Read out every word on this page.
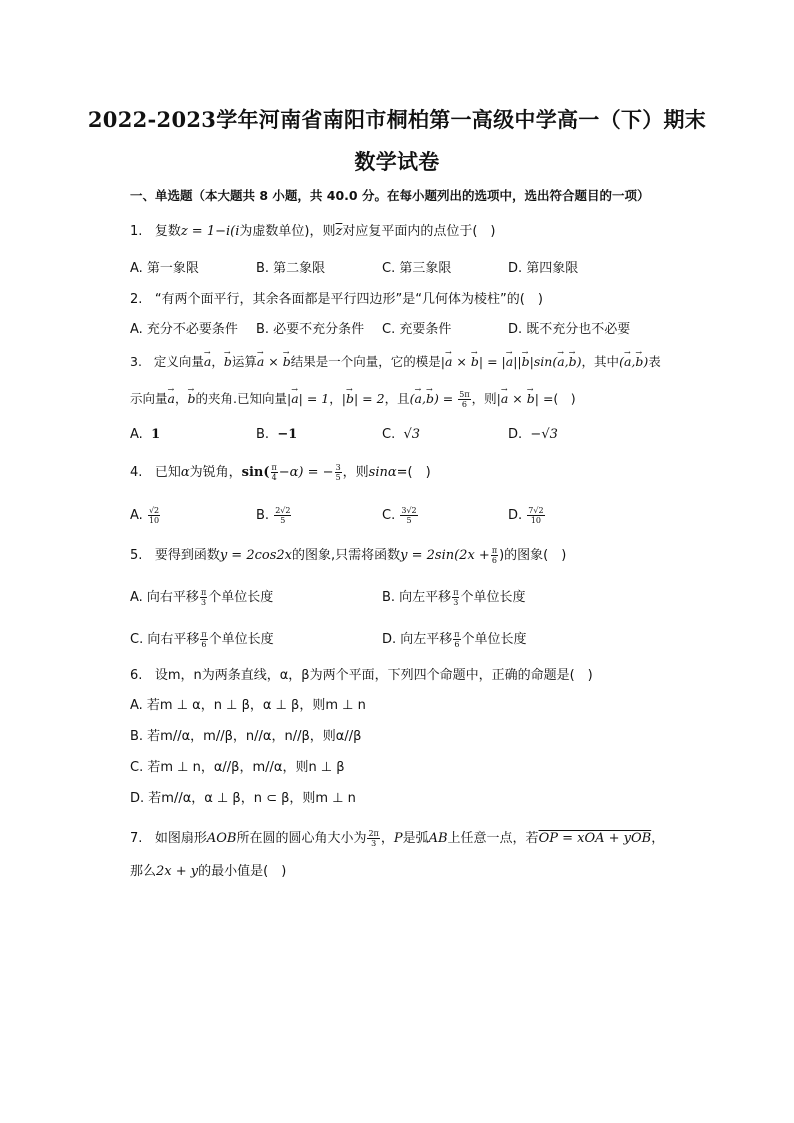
2022-2023学年河南省南阳市桐柏第一高级中学高一（下）期末
数学试卷
一、单选题（本大题共 8 小题，共 40.0 分。在每小题列出的选项中，选出符合题目的一项）
1. 复数z = 1−i(i为虚数单位)，则$\overline{z}$对应复平面内的点位于(　)
A. 第一象限	B. 第二象限	C. 第三象限	D. 第四象限
2. “有两个面平行，其余各面都是平行四边形”是“几何体为棱柱”的(　)
A. 充分不必要条件 B. 必要不充分条件 C. 充要条件	D. 既不充分也不必要
3. 定义向量→ a，→ b运算→ a × → b结果是一个向量，它的模是|→ a × → b| = |→ a||→ b|sin(→ a,→ b)，其中(→ a,→ b)表
示向量→ a，→ b的夹角.已知向量|→ a| = 1，|→ b| = 2，且(→ $a,\to b) = \frac{5\pi}{6}$ ，则|→ a × → b| =(　)
A. 1	B. −1	C. √3	D. −√3
4. 已知α为锐角，$\sin( \frac{\pi}{4} -\alpha)$ = − $\frac{3}{5}$ ，则sinα=(　)
A. $\frac{√2}{10}$	B. $\frac{2√2}{5}$	C. $\frac{3√2}{5}$	D. $\frac{7√2}{10}$
5. 要得到函数y = 2cos2x的图象,只需将函数$y = 2\sin(2x + \frac{\pi}{6}$ )的图象(　)
A. 向右平移 $\frac{\pi}{3}$ 个单位长度	B. 向左平移 $\frac{\pi}{3}$ 个单位长度
C. 向右平移 $\frac{\pi}{6}$ 个单位长度	D. 向左平移 $\frac{\pi}{6}$ 个单位长度
6. 设m，n为两条直线，α，β为两个平面，下列四个命题中，正确的命题是(　)
A. 若m ⊥ α，n ⊥ β，α ⊥ β，则m ⊥ n
B. 若m//α，m//β，n//α，n//β，则α//β
C. 若m ⊥ n，α//β，m//α，则n ⊥ β
D. 若m//α，α ⊥ β，n ⊂ β，则m ⊥ n
7. 如图扇形AOB所在圆的圆心角大小为 $\frac{2\pi}{3}$ ，P是弧AB上任意一点，若OP = xOA + yOB，
那么2x + y的最小值是(　)
